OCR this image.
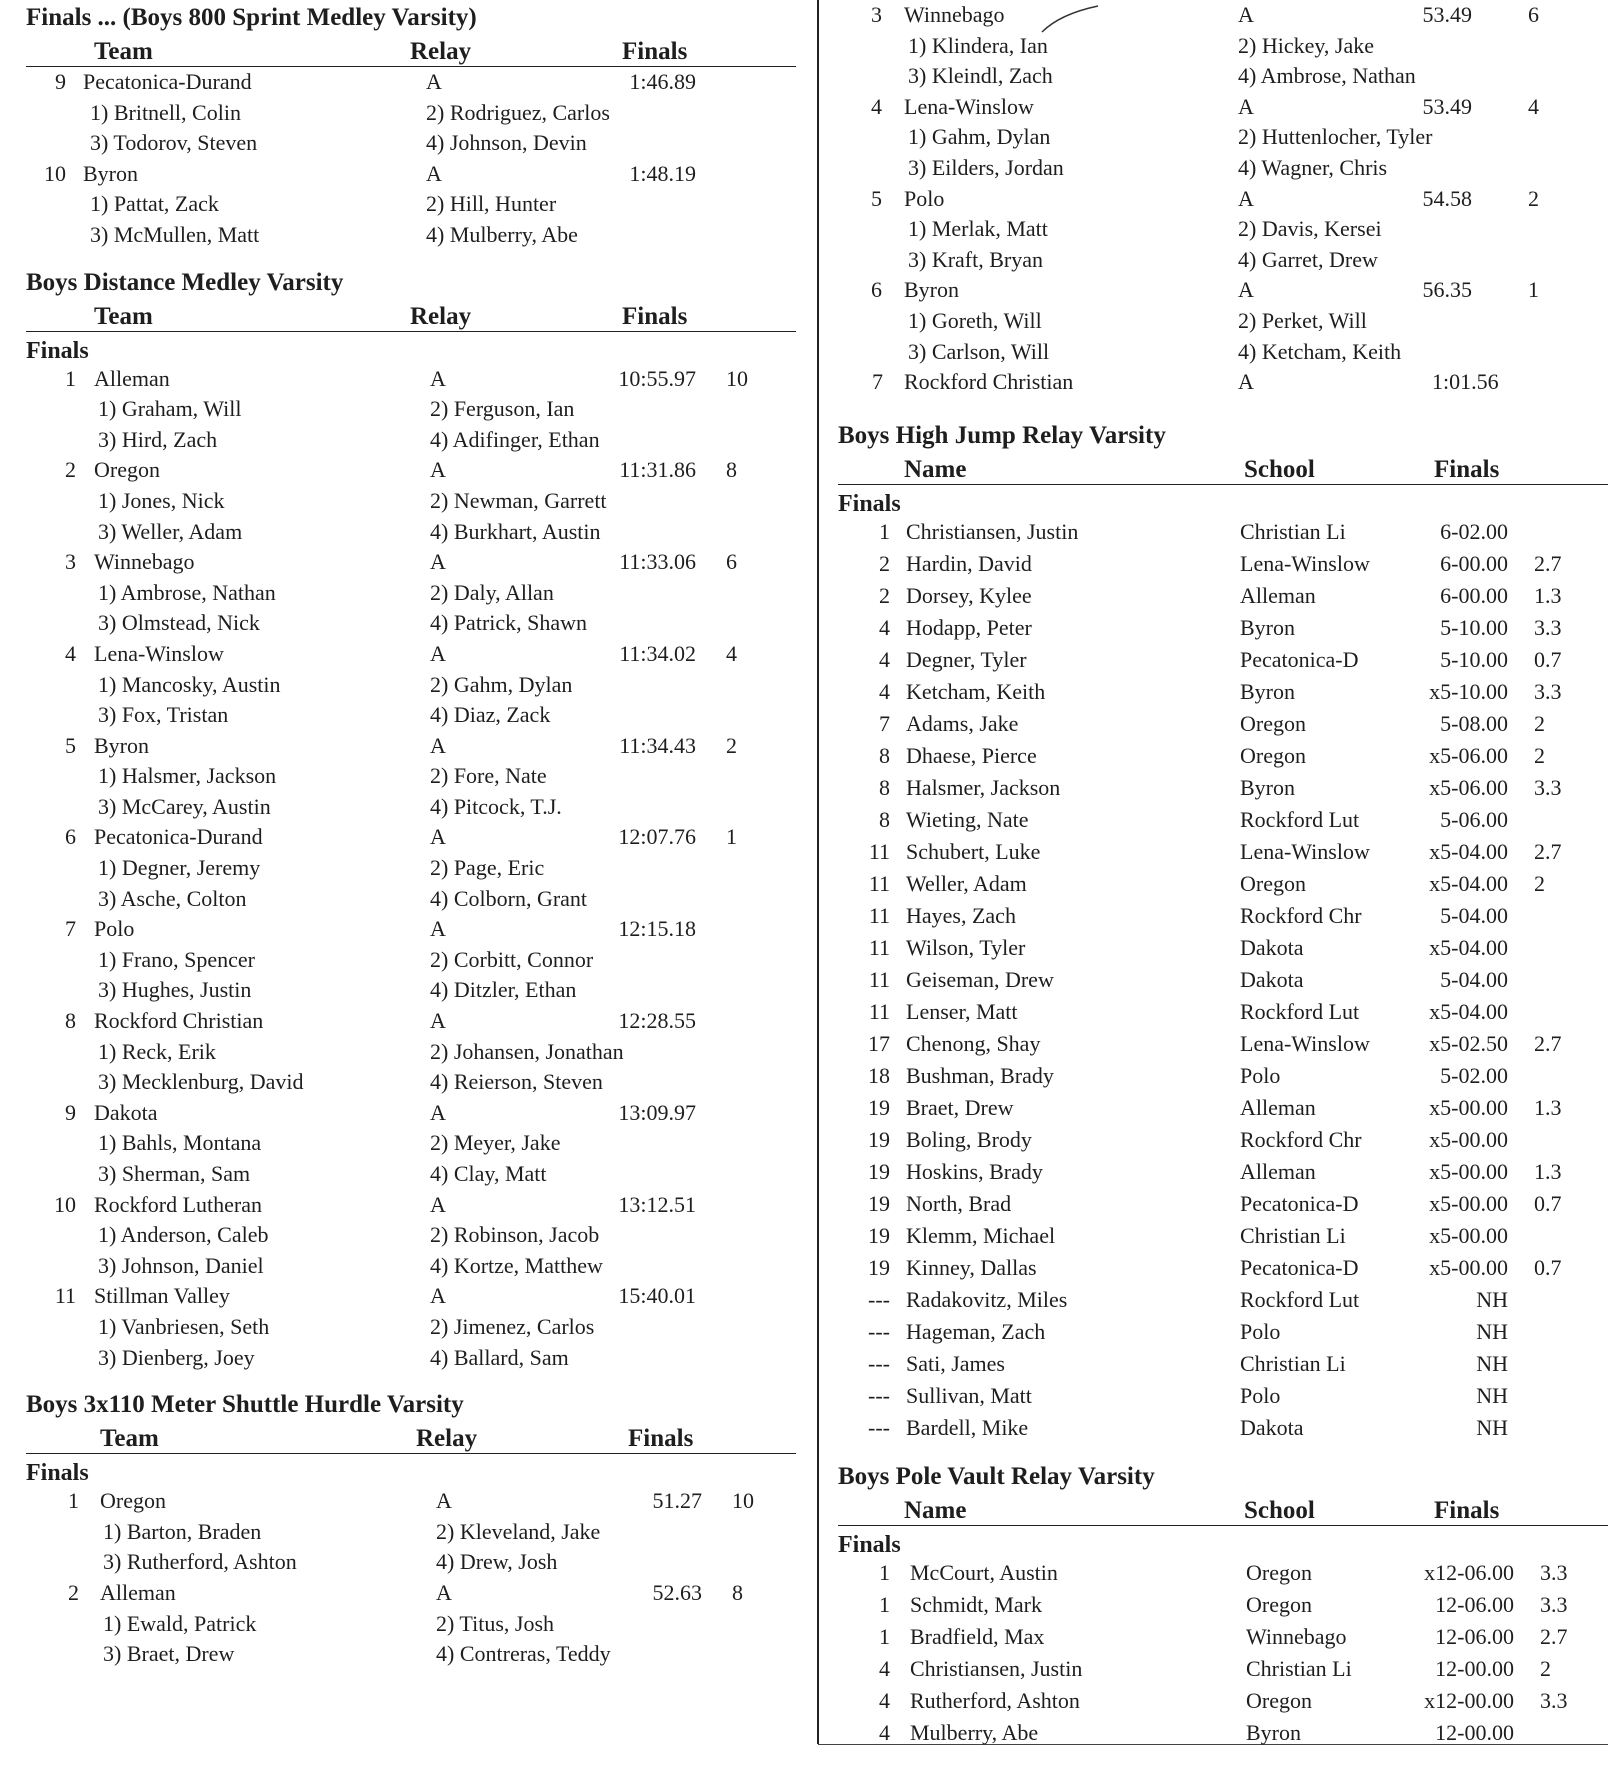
Finals ... (Boys 800 Sprint Medley Varsity)
Team	Relay	Finals
9 Pecatonica-Durand	A	1:46.89
1) Britnell, Colin	2) Rodriguez, Carlos
3) Todorov, Steven	4) Johnson, Devin
10 Byron	A	1:48.19
1) Pattat, Zack	2) Hill, Hunter
3) McMullen, Matt	4) Mulberry, Abe
Boys Distance Medley Varsity
Team	Relay	Finals
Finals
1 Alleman	A	10:55.97 10
1) Graham, Will	2) Ferguson, Ian
3) Hird, Zach	4) Adifinger, Ethan
2 Oregon	A	11:31.86 8
1) Jones, Nick	2) Newman, Garrett
3) Weller, Adam	4) Burkhart, Austin
3 Winnebago	A	11:33.06 6
1) Ambrose, Nathan	2) Daly, Allan
3) Olmstead, Nick	4) Patrick, Shawn
4 Lena-Winslow	A	11:34.02 4
1) Mancosky, Austin	2) Gahm, Dylan
3) Fox, Tristan	4) Diaz, Zack
5 Byron	A	11:34.43 2
1) Halsmer, Jackson	2) Fore, Nate
3) McCarey, Austin	4) Pitcock, T.J.
6 Pecatonica-Durand	A	12:07.76 1
1) Degner, Jeremy	2) Page, Eric
3) Asche, Colton	4) Colborn, Grant
7 Polo	A	12:15.18
1) Frano, Spencer	2) Corbitt, Connor
3) Hughes, Justin	4) Ditzler, Ethan
8 Rockford Christian	A	12:28.55
1) Reck, Erik	2) Johansen, Jonathan
3) Mecklenburg, David	4) Reierson, Steven
9 Dakota	A	13:09.97
1) Bahls, Montana	2) Meyer, Jake
3) Sherman, Sam	4) Clay, Matt
10 Rockford Lutheran	A	13:12.51
1) Anderson, Caleb	2) Robinson, Jacob
3) Johnson, Daniel	4) Kortze, Matthew
11 Stillman Valley	A	15:40.01
1) Vanbriesen, Seth	2) Jimenez, Carlos
3) Dienberg, Joey	4) Ballard, Sam
Boys 3x110 Meter Shuttle Hurdle Varsity
Team	Relay	Finals
Finals
1 Oregon	A	51.27 10
1) Barton, Braden	2) Kleveland, Jake
3) Rutherford, Ashton	4) Drew, Josh
2 Alleman	A	52.63 8
1) Ewald, Patrick	2) Titus, Josh
3) Braet, Drew	4) Contreras, Teddy
3 Winnebago	A	53.49	6
1) Klindera, Ian	2) Hickey, Jake
3) Kleindl, Zach	4) Ambrose, Nathan
4 Lena-Winslow	A	53.49	4
1) Gahm, Dylan	2) Huttenlocher, Tyler
3) Eilders, Jordan	4) Wagner, Chris
5 Polo	A	54.58	2
1) Merlak, Matt	2) Davis, Kersei
3) Kraft, Bryan	4) Garret, Drew
6 Byron	A	56.35	1
1) Goreth, Will	2) Perket, Will
3) Carlson, Will	4) Ketcham, Keith
7 Rockford Christian	A	1:01.56
Boys High Jump Relay Varsity
Name	School	Finals
Finals
1 Christiansen, Justin	Christian Li	6-02.00
2 Hardin, David	Lena-Winslow	6-00.00 2.7
2 Dorsey, Kylee	Alleman	6-00.00 1.3
4 Hodapp, Peter	Byron	5-10.00 3.3
4 Degner, Tyler	Pecatonica-D	5-10.00 0.7
4 Ketcham, Keith	Byron	x5-10.00 3.3
7 Adams, Jake	Oregon	5-08.00 2
8 Dhaese, Pierce	Oregon	x5-06.00 2
8 Halsmer, Jackson	Byron	x5-06.00 3.3
8 Wieting, Nate	Rockford Lut	5-06.00
11 Schubert, Luke	Lena-Winslow	x5-04.00 2.7
11 Weller, Adam	Oregon	x5-04.00 2
11 Hayes, Zach	Rockford Chr	5-04.00
11 Wilson, Tyler	Dakota	x5-04.00
11 Geiseman, Drew	Dakota	5-04.00
11 Lenser, Matt	Rockford Lut	x5-04.00
17 Chenong, Shay	Lena-Winslow	x5-02.50 2.7
18 Bushman, Brady	Polo	5-02.00
19 Braet, Drew	Alleman	x5-00.00 1.3
19 Boling, Brody	Rockford Chr	x5-00.00
19 Hoskins, Brady	Alleman	x5-00.00 1.3
19 North, Brad	Pecatonica-D	x5-00.00 0.7
19 Klemm, Michael	Christian Li	x5-00.00
19 Kinney, Dallas	Pecatonica-D	x5-00.00 0.7
--- Radakovitz, Miles	Rockford Lut	NH
--- Hageman, Zach	Polo	NH
--- Sati, James	Christian Li	NH
--- Sullivan, Matt	Polo	NH
--- Bardell, Mike	Dakota	NH
Boys Pole Vault Relay Varsity
Name	School	Finals
Finals
1 McCourt, Austin	Oregon	x12-06.00 3.3
1 Schmidt, Mark	Oregon	12-06.00 3.3
1 Bradfield, Max	Winnebago	12-06.00 2.7
4 Christiansen, Justin	Christian Li	12-00.00 2
4 Rutherford, Ashton	Oregon	x12-00.00 3.3
4 Mulberry, Abe	Byron	12-00.00
